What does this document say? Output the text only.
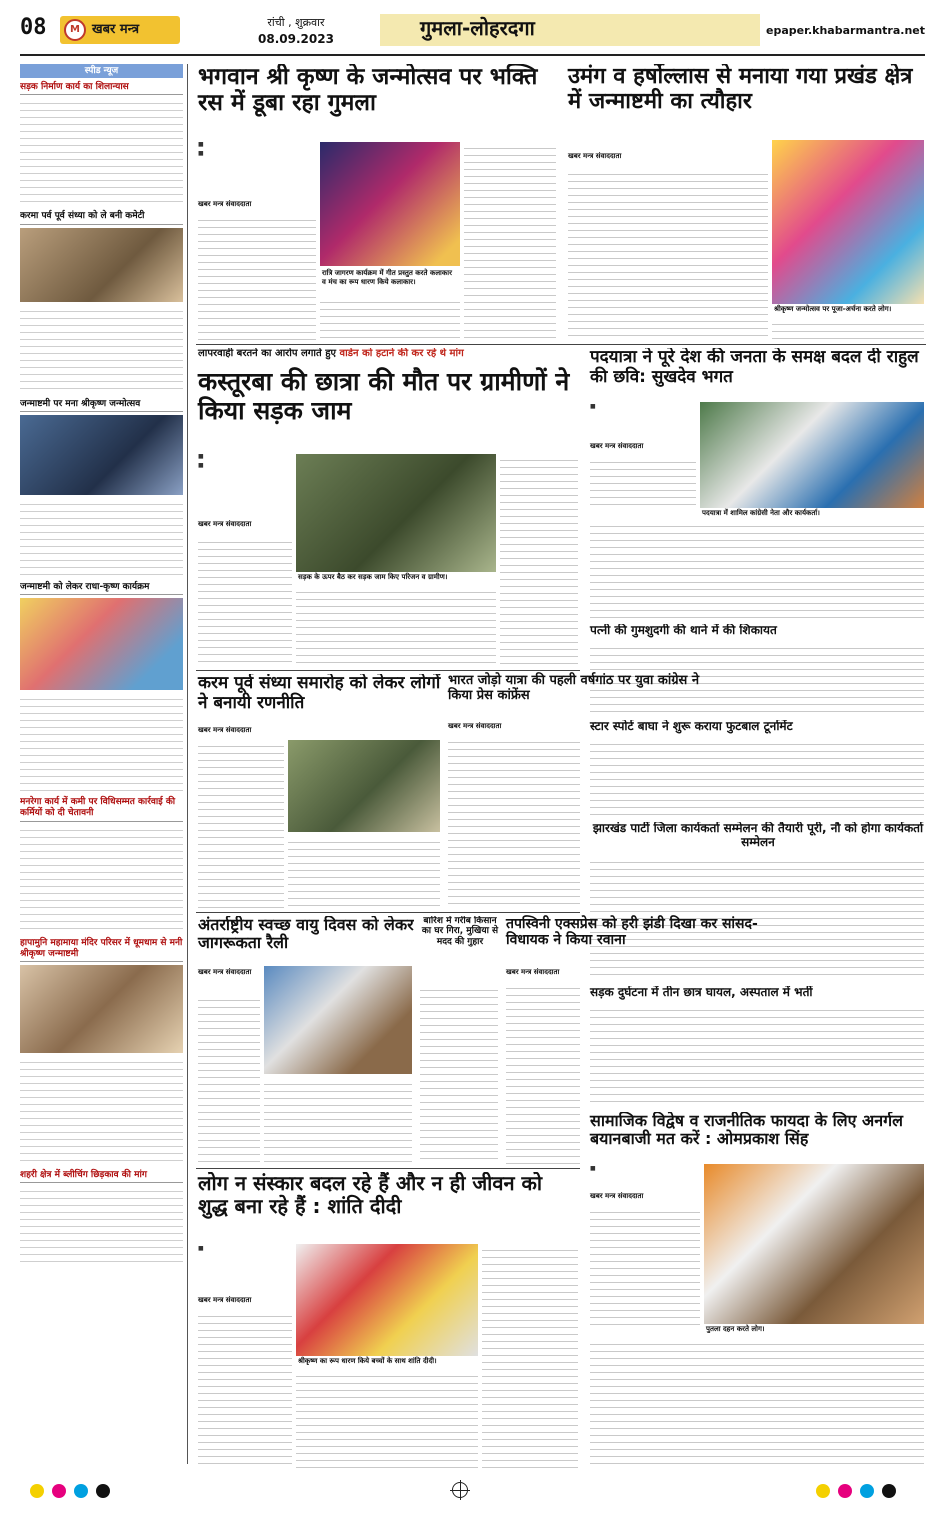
08	M खबर मन्त्र	रांची , शुक्रवार
08.09.2023	गुमला-लोहरदगा	epaper.khabarmantra.net
स्पीड न्यूज
सड़क निर्माण कार्य का शिलान्यास
करमा पर्व पूर्व संध्या को ले बनी कमेटी
जन्माष्टमी पर मना श्रीकृष्ण जन्मोत्सव
जन्माष्टमी को लेकर राधा-कृष्ण कार्यक्रम
मनरेगा कार्य में कमी पर विधिसम्मत कार्रवाई की कर्मियों को दी चेतावनी
हापामुनि महामाया मंदिर परिसर में धूमधाम से मनी श्रीकृष्ण जन्माष्टमी
शहरी क्षेत्र में ब्लीचिंग छिड़काव की मांग
भगवान श्री कृष्ण के जन्मोत्सव पर भक्ति रस में डूबा रहा गुमला
■
■
रात्रि जागरण कार्यक्रम में गीत प्रस्तुत करते कलाकार व मंच का रूप धारण किये कलाकार।
खबर मन्त्र संवाददाता
उमंग व हर्षोल्लास से मनाया गया प्रखंड क्षेत्र में जन्माष्टमी का त्यौहार
खबर मन्त्र संवाददाता
श्रीकृष्ण जन्मोत्सव पर पूजा-अर्चना करते लोग।
लापरवाही बरतने का आरोप लगाते हुए वार्डन को हटाने की कर रहे थे मांग
कस्तूरबा की छात्रा की मौत पर ग्रामीणों ने किया सड़क जाम
■
■
सड़क के ऊपर बैठ कर सड़क जाम किए परिजन व ग्रामीण।
खबर मन्त्र संवाददाता
पदयात्रा ने पूरे देश की जनता के समक्ष बदल दी राहुल की छवि: सुखदेव भगत
■
खबर मन्त्र संवाददाता
पदयात्रा में शामिल कांग्रेसी नेता और कार्यकर्ता।
पत्नी की गुमशुदगी की थाने में की शिकायत
स्टार स्पोर्ट बाघा ने शुरू कराया फुटबाल टूर्नामेंट
झारखंड पार्टी जिला कार्यकर्ता सम्मेलन की तैयारी पूरी, नौ को होगा कार्यकर्ता सम्मेलन
सड़क दुर्घटना में तीन छात्र घायल, अस्पताल में भर्ती
करम पूर्व संध्या समारोह को लेकर लोगों ने बनायी रणनीति
खबर मन्त्र संवाददाता
भारत जोड़ो यात्रा की पहली वर्षगांठ पर युवा कांग्रेस ने किया प्रेस कांफ्रेंस
खबर मन्त्र संवाददाता
अंतर्राष्ट्रीय स्वच्छ वायु दिवस को लेकर जागरूकता रैली
खबर मन्त्र संवाददाता
बारिश में गरीब किसान का घर गिरा, मुखिया से मदद की गुहार
तपस्विनी एक्सप्रेस को हरी झंडी दिखा कर सांसद-विधायक ने किया रवाना
खबर मन्त्र संवाददाता
लोग न संस्कार बदल रहे हैं और न ही जीवन को शुद्ध बना रहे हैं : शांति दीदी
■
खबर मन्त्र संवाददाता
श्रीकृष्ण का रूप धारण किये बच्चों के साथ शांति दीदी।
सामाजिक विद्वेष व राजनीतिक फायदा के लिए अनर्गल बयानबाजी मत करें : ओमप्रकाश सिंह
■
खबर मन्त्र संवाददाता
पुतला दहन करते लोग।
